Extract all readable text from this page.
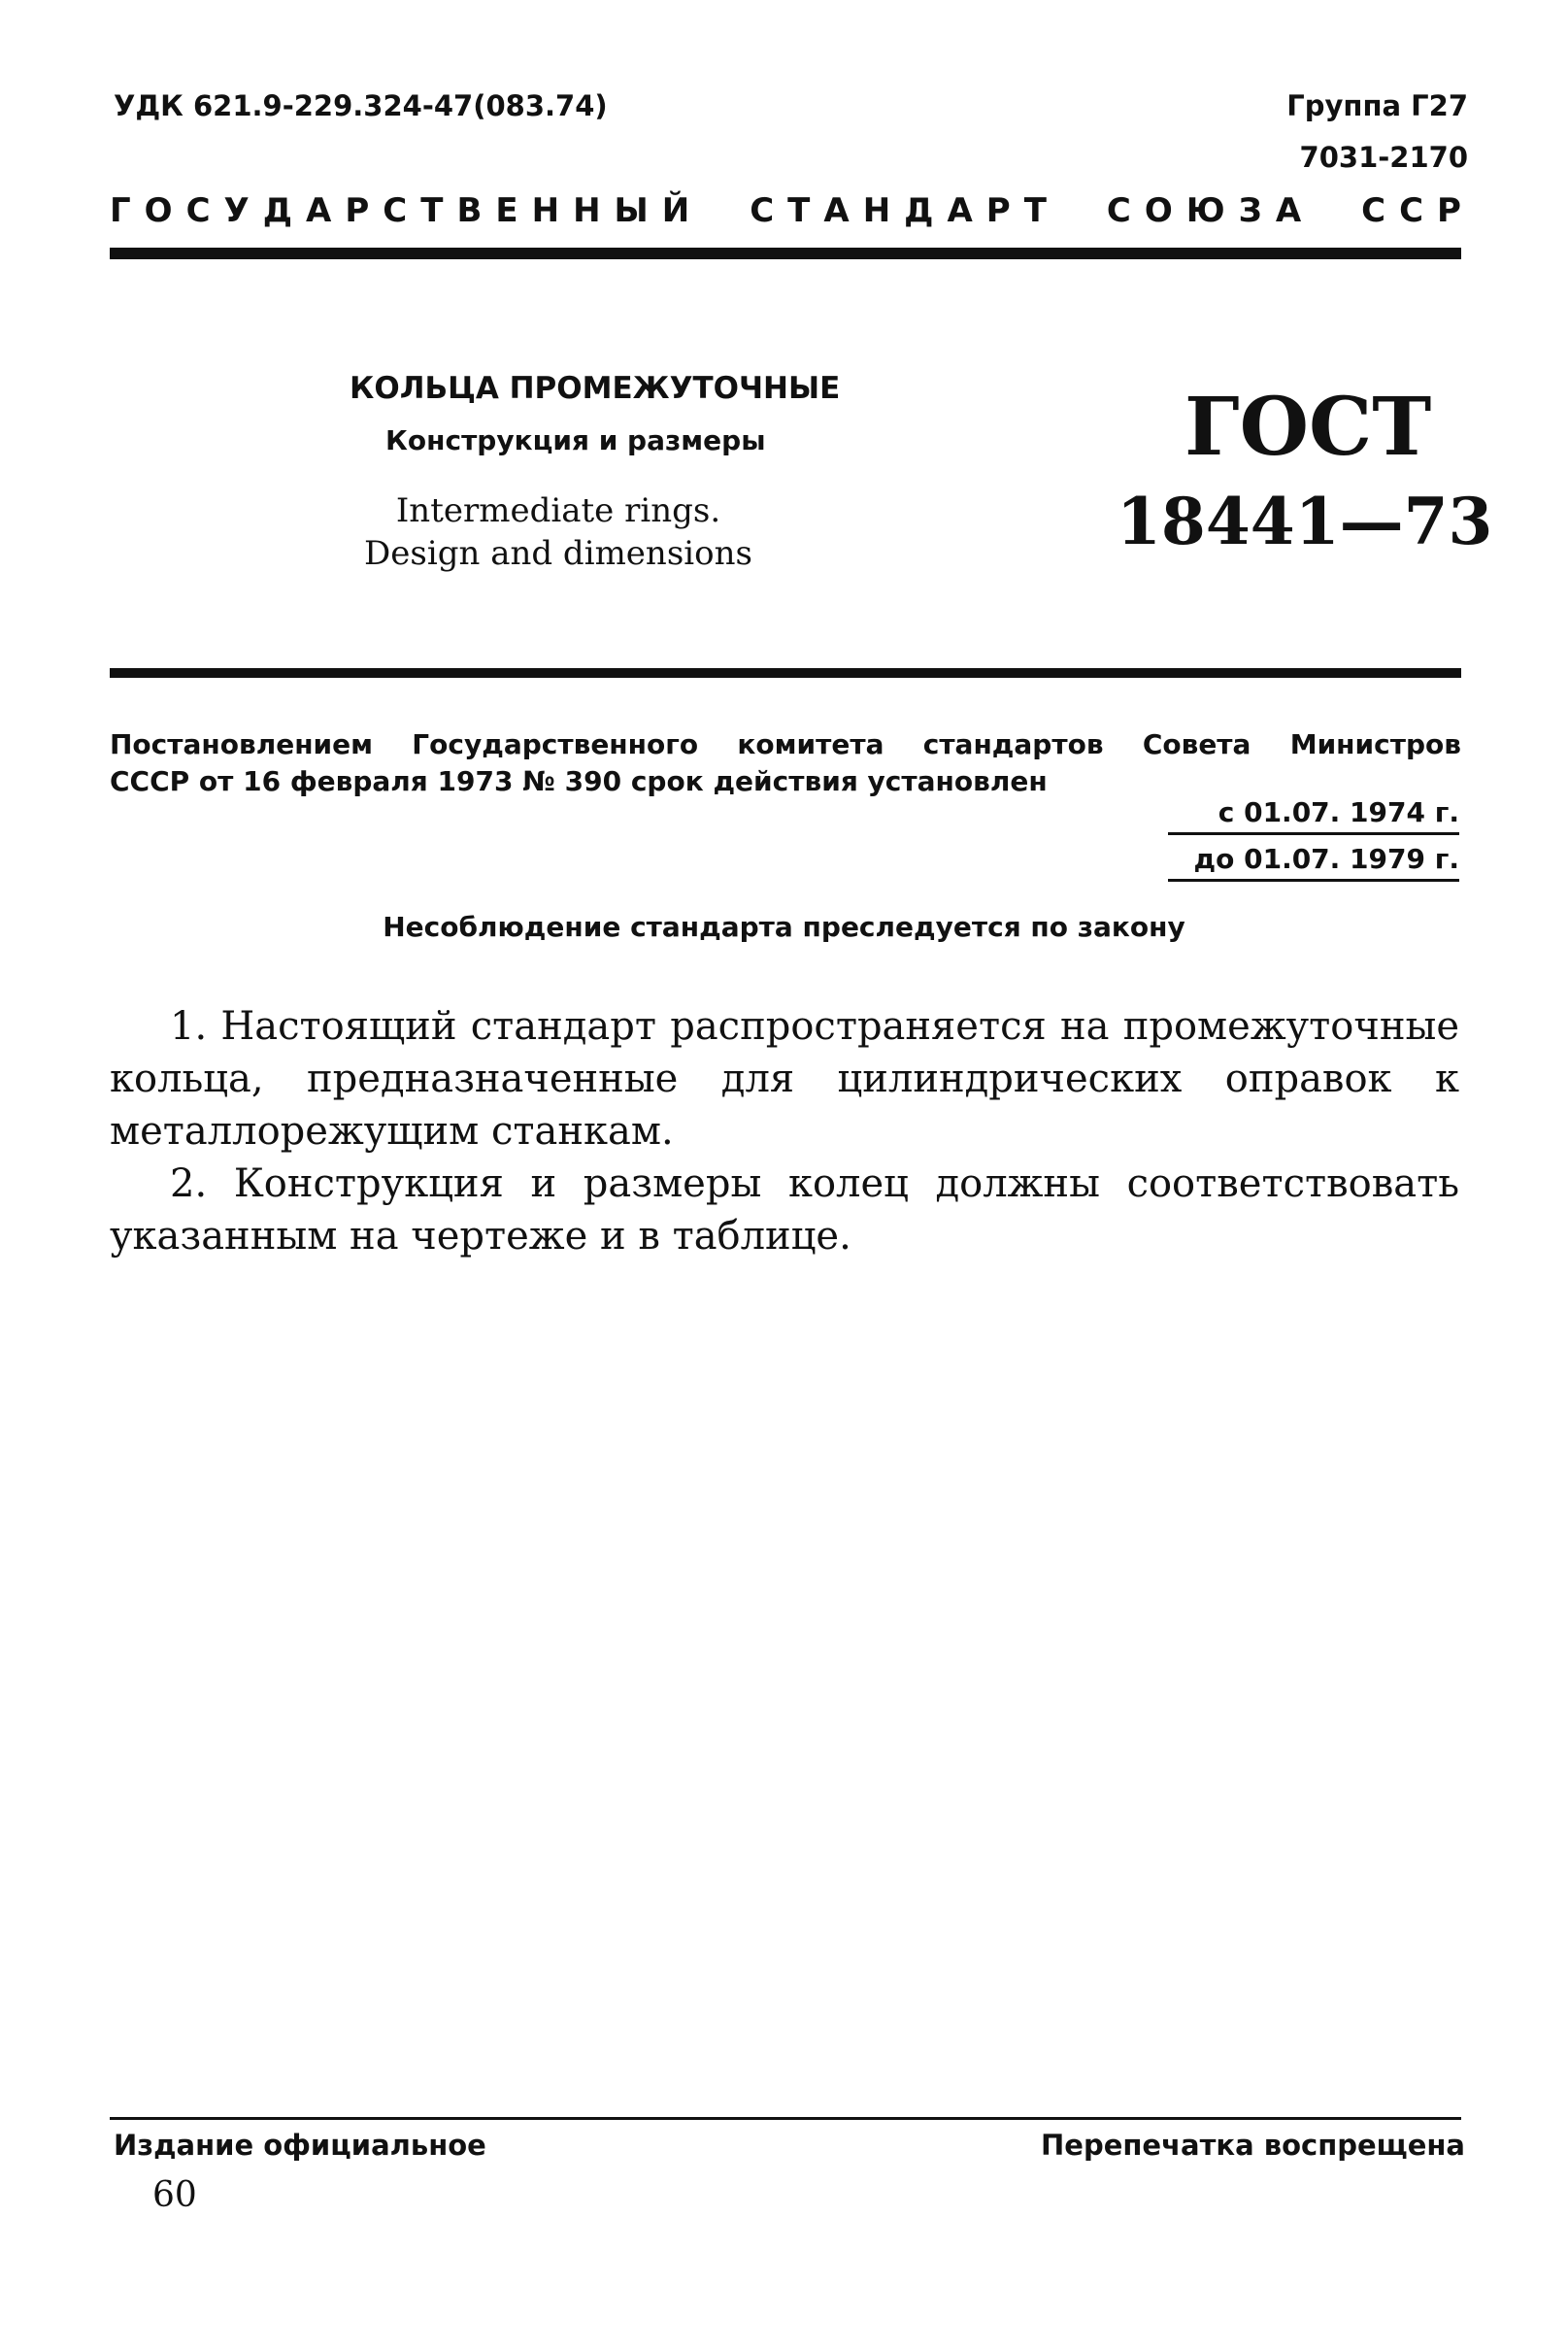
УДК 621.9-229.324-47(083.74)	Группа Г27
7031-2170
Г О С У Д А Р С Т В Е Н Н Ы Й С Т А Н Д А Р Т С О Ю З А С С Р
КОЛЬЦА ПРОМЕЖУТОЧНЫЕ
Конструкция и размеры
Intermediate rings.
Design and dimensions
ГОСТ
18441—73
Постановлением Государственного комитета стандартов Совета Министров
СССР от 16 февраля 1973 № 390 срок действия установлен
с 01.07. 1974 г.
до 01.07. 1979 г.
Несоблюдение стандарта преследуется по закону

1. Настоящий стандарт распространяется на промежуточные кольца, предназначенные для цилиндрических оправок к металлорежущим станкам.

2. Конструкция и размеры колец должны соответствовать указанным на чертеже и в таблице.

Издание официальное	Перепечатка воспрещена
60
